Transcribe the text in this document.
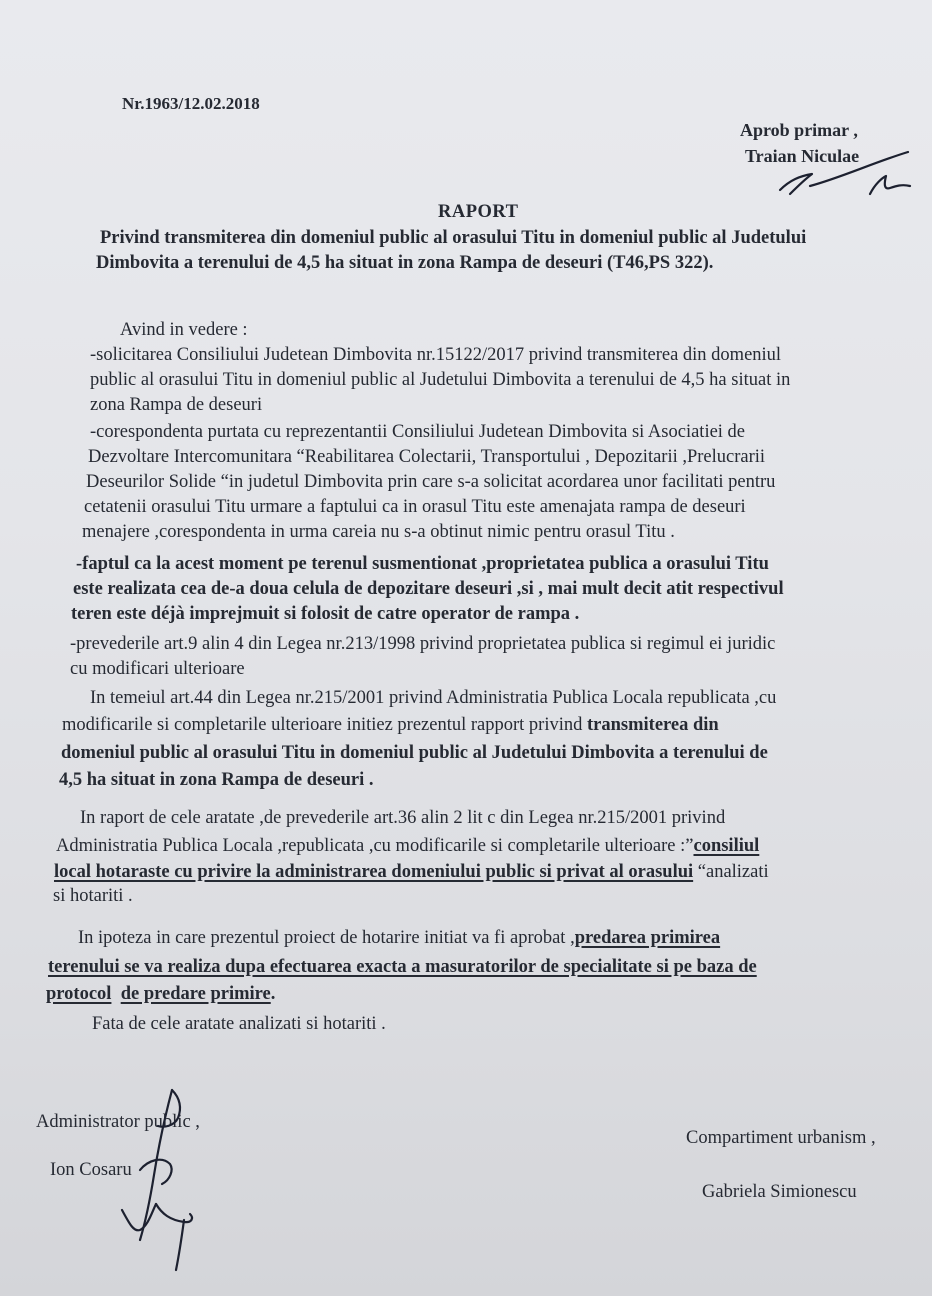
Nr.1963/12.02.2018
Aprob primar ,
Traian Niculae
RAPORT
Privind transmiterea din domeniul public al orasului Titu in domeniul public al Judetului
Dimbovita a terenului de 4,5 ha situat in zona Rampa de deseuri (T46,PS 322).
Avind in vedere :
-solicitarea Consiliului Judetean Dimbovita nr.15122/2017 privind transmiterea din domeniul
public al orasului Titu in domeniul public al Judetului Dimbovita a terenului de 4,5 ha situat in
zona Rampa de deseuri
-corespondenta purtata cu reprezentantii Consiliului Judetean Dimbovita si Asociatiei de
Dezvoltare Intercomunitara “Reabilitarea Colectarii, Transportului , Depozitarii ,Prelucrarii
Deseurilor Solide “in judetul Dimbovita prin care s-a solicitat acordarea unor facilitati pentru
cetatenii orasului Titu urmare a faptului ca in orasul Titu este amenajata rampa de deseuri
menajere ,corespondenta in urma careia nu s-a obtinut nimic pentru orasul Titu .
-faptul ca la acest moment pe terenul susmentionat ,proprietatea publica a orasului Titu
este realizata cea de-a doua celula de depozitare deseuri ,si , mai mult decit atit respectivul
teren este déjà imprejmuit si folosit de catre operator de rampa .
-prevederile art.9 alin 4 din Legea nr.213/1998 privind proprietatea publica si regimul ei juridic
cu modificari ulterioare
In temeiul art.44 din Legea nr.215/2001 privind Administratia Publica Locala republicata ,cu
modificarile si completarile ulterioare initiez prezentul rapport privind transmiterea din
domeniul public al orasului Titu in domeniul public al Judetului Dimbovita a terenului de
4,5 ha situat in zona Rampa de deseuri .
In raport de cele aratate ,de prevederile art.36 alin 2 lit c din Legea nr.215/2001 privind
Administratia Publica Locala ,republicata ,cu modificarile si completarile ulterioare :”consiliul
local hotaraste cu privire la administrarea domeniului public si privat al orasului “analizati
si hotariti .
In ipoteza in care prezentul proiect de hotarire initiat va fi aprobat ,predarea primirea
terenului se va realiza dupa efectuarea exacta a masuratorilor de specialitate si pe baza de
protocol de predare primire.
Fata de cele aratate analizati si hotariti .
Administrator public ,
Ion Cosaru
Compartiment urbanism ,
Gabriela Simionescu
